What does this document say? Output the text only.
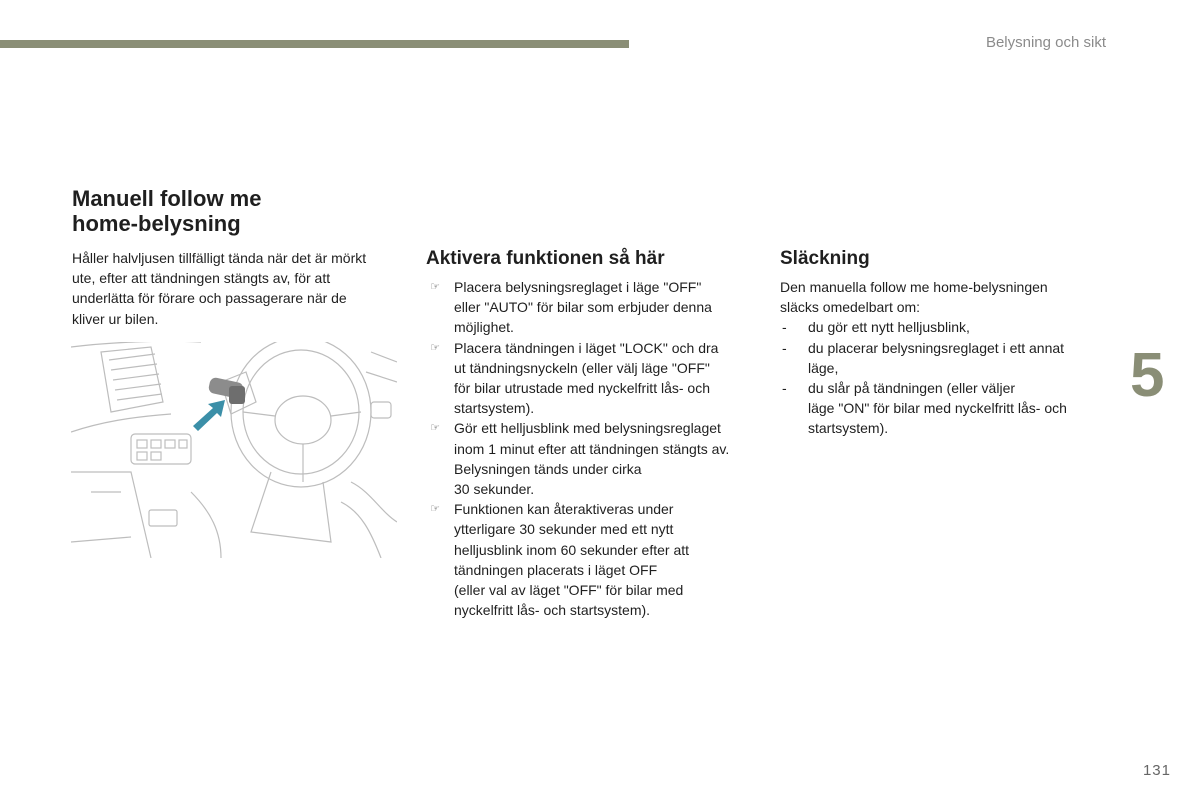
Belysning och sikt
Manuell follow me
home-belysning
Håller halvljusen tillfälligt tända när det är mörkt
ute, efter att tändningen stängts av, för att
underlätta för förare och passagerare när de
kliver ur bilen.
Aktivera funktionen så här
☞ Placera belysningsreglaget i läge "OFF"
eller "AUTO" för bilar som erbjuder denna
möjlighet.
☞ Placera tändningen i läget "LOCK" och dra
ut tändningsnyckeln (eller välj läge "OFF"
för bilar utrustade med nyckelfritt lås- och
startsystem).
☞ Gör ett helljusblink med belysningsreglaget
inom 1 minut efter att tändningen stängts av.
Belysningen tänds under cirka
30 sekunder.
☞ Funktionen kan återaktiveras under
ytterligare 30 sekunder med ett nytt
helljusblink inom 60 sekunder efter att
tändningen placerats i läget OFF
(eller val av läget "OFF" för bilar med
nyckelfritt lås- och startsystem).
Släckning
Den manuella follow me home-belysningen
släcks omedelbart om:
- du gör ett nytt helljusblink,
- du placerar belysningsreglaget i ett annat
läge,
- du slår på tändningen (eller väljer
läge "ON" för bilar med nyckelfritt lås- och
startsystem).
5
131
